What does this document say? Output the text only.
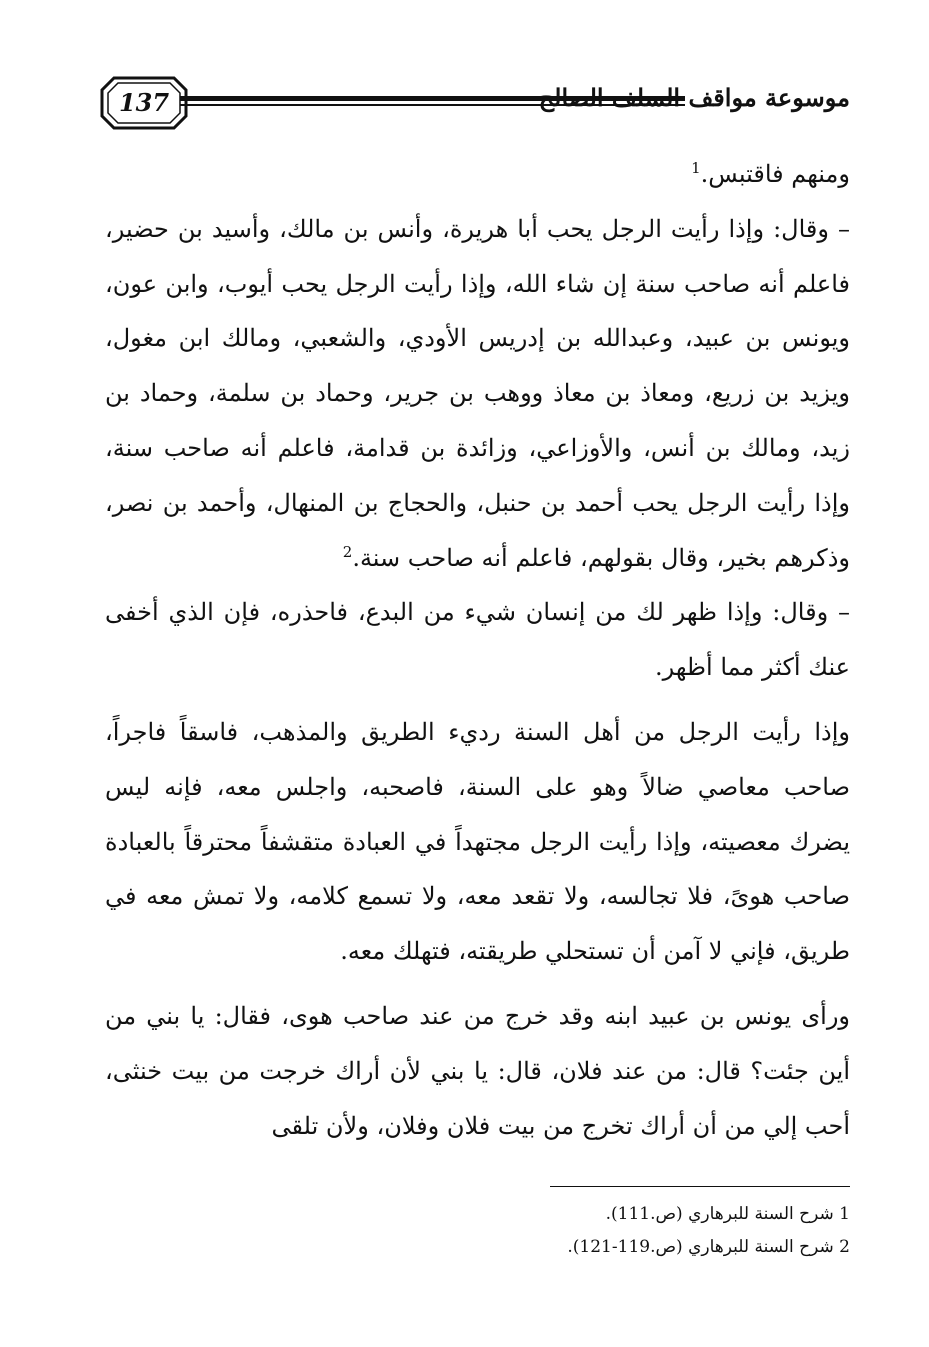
137	موسوعة مواقف السلف الصالح

ومنهم فاقتبس.$^1$

– وقال: وإذا رأيت الرجل يحب أبا هريرة، وأنس بن مالك، وأسيد بن حضير، فاعلم أنه صاحب سنة إن شاء الله، وإذا رأيت الرجل يحب أيوب، وابن عون، ويونس بن عبيد، وعبدالله بن إدريس الأودي، والشعبي، ومالك ابن مغول، ويزيد بن زريع، ومعاذ بن معاذ ووهب بن جرير، وحماد بن سلمة، وحماد بن زيد، ومالك بن أنس، والأوزاعي، وزائدة بن قدامة، فاعلم أنه صاحب سنة، وإذا رأيت الرجل يحب أحمد بن حنبل، والحجاج بن المنهال، وأحمد بن نصر، وذكرهم بخير، وقال بقولهم، فاعلم أنه صاحب سنة.$^2$

– وقال: وإذا ظهر لك من إنسان شيء من البدع، فاحذره، فإن الذي أخفى عنك أكثر مما أظهر.

وإذا رأيت الرجل من أهل السنة رديء الطريق والمذهب، فاسقاً فاجراً، صاحب معاصي ضالاً وهو على السنة، فاصحبه، واجلس معه، فإنه ليس يضرك معصيته، وإذا رأيت الرجل مجتهداً في العبادة متقشفاً محترقاً بالعبادة صاحب هوىً، فلا تجالسه، ولا تقعد معه، ولا تسمع كلامه، ولا تمش معه في طريق، فإني لا آمن أن تستحلي طريقته، فتهلك معه.

ورأى يونس بن عبيد ابنه وقد خرج من عند صاحب هوى، فقال: يا بني من أين جئت؟ قال: من عند فلان، قال: يا بني لأن أراك خرجت من بيت خنثى، أحب إلي من أن أراك تخرج من بيت فلان وفلان، ولأن تلقى

1 شرح السنة للبرهاري (ص.111).

2 شرح السنة للبرهاري (ص.119-121).
